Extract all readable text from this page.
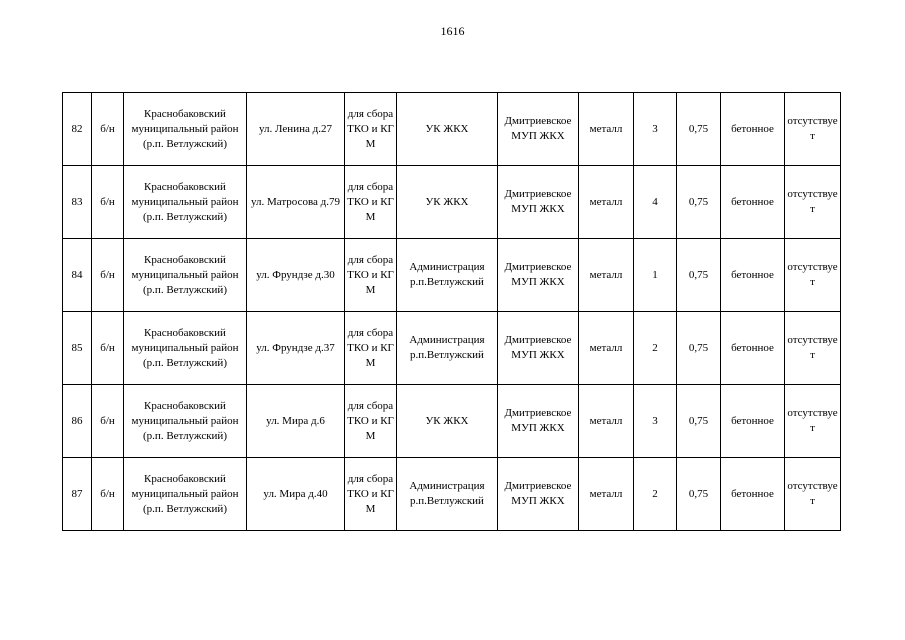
1616
82	б/н	Краснобаковский муниципальный район (р.п. Ветлужский)	ул. Ленина д.27	для сбора ТКО и КГМ	УК ЖКХ	Дмитриевское МУП ЖКХ	металл	3	0,75	бетонное	отсутствует
83	б/н	Краснобаковский муниципальный район (р.п. Ветлужский)	ул. Матросова д.79	для сбора ТКО и КГМ	УК ЖКХ	Дмитриевское МУП ЖКХ	металл	4	0,75	бетонное	отсутствует
84	б/н	Краснобаковский муниципальный район (р.п. Ветлужский)	ул. Фрундзе д.30	для сбора ТКО и КГМ	Администрация р.п.Ветлужский	Дмитриевское МУП ЖКХ	металл	1	0,75	бетонное	отсутствует
85	б/н	Краснобаковский муниципальный район (р.п. Ветлужский)	ул. Фрундзе д.37	для сбора ТКО и КГМ	Администрация р.п.Ветлужский	Дмитриевское МУП ЖКХ	металл	2	0,75	бетонное	отсутствует
86	б/н	Краснобаковский муниципальный район (р.п. Ветлужский)	ул. Мира д.6	для сбора ТКО и КГМ	УК ЖКХ	Дмитриевское МУП ЖКХ	металл	3	0,75	бетонное	отсутствует
87	б/н	Краснобаковский муниципальный район (р.п. Ветлужский)	ул. Мира д.40	для сбора ТКО и КГМ	Администрация р.п.Ветлужский	Дмитриевское МУП ЖКХ	металл	2	0,75	бетонное	отсутствует
